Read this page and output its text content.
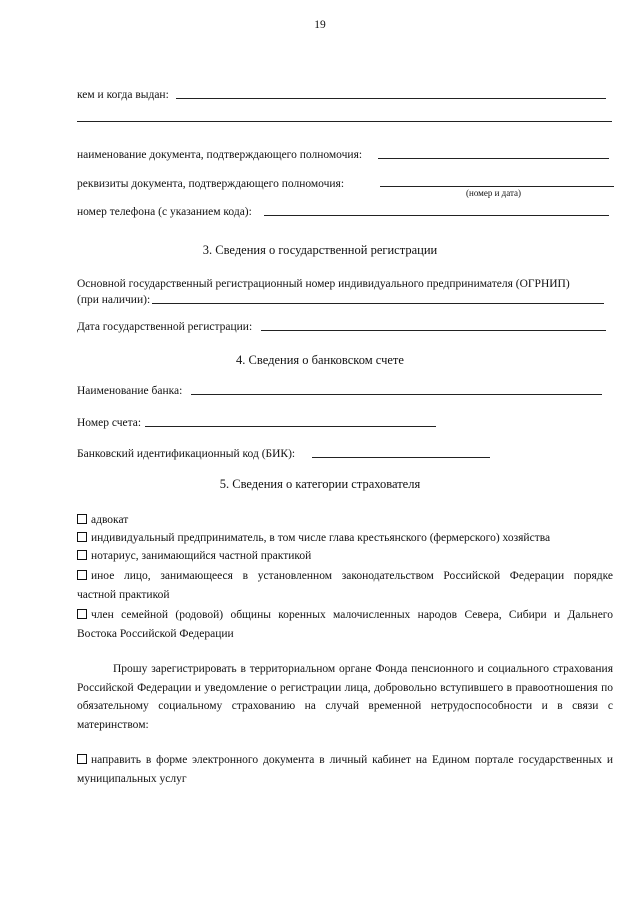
19
кем и когда выдан:
наименование документа, подтверждающего полномочия:
реквизиты документа, подтверждающего полномочия:
(номер и дата)
номер телефона (с указанием кода):
3. Сведения о государственной регистрации
Основной государственный регистрационный номер индивидуального предпринимателя (ОГРНИП)
(при наличии):
Дата государственной регистрации:
4. Сведения о банковском счете
Наименование банка:
Номер счета:
Банковский идентификационный код (БИК):
5. Сведения о категории страхователя
адвокат
индивидуальный предприниматель, в том числе глава крестьянского (фермерского) хозяйства
нотариус, занимающийся частной практикой
иное лицо, занимающееся в установленном законодательством Российской Федерации порядке
частной практикой
член семейной (родовой) общины коренных малочисленных народов Севера, Сибири и Дальнего
Востока Российской Федерации
Прошу зарегистрировать в территориальном органе Фонда пенсионного и социального страхования Российской Федерации и уведомление о регистрации лица, добровольно вступившего в правоотношения по обязательному социальному страхованию на случай временной нетрудоспособности и в связи с материнством:
направить в форме электронного документа в личный кабинет на Едином портале государственных и
муниципальных услуг
